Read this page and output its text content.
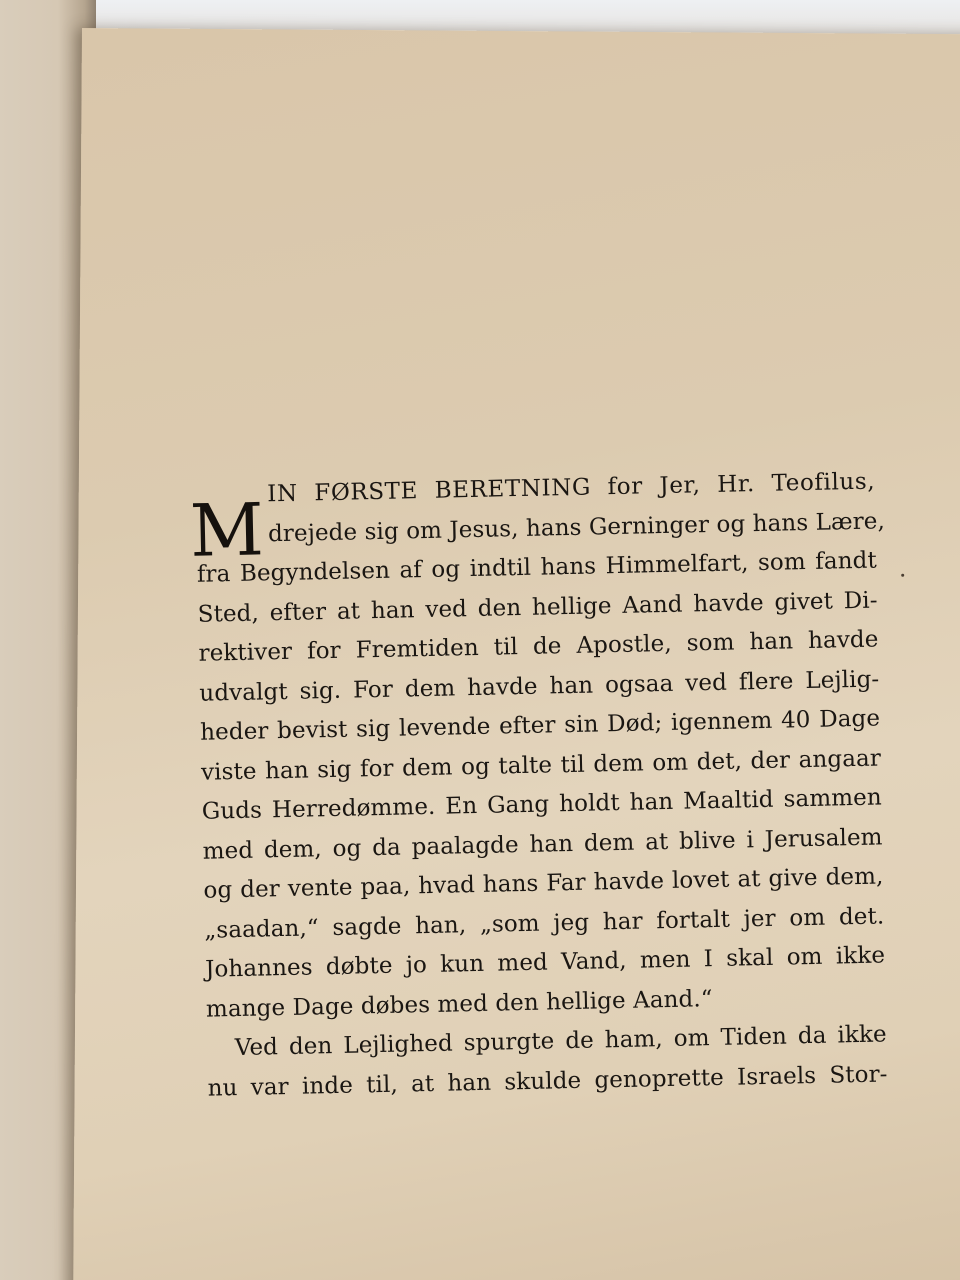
M IN FØRSTE BERETNING for Jer, Hr. Teofilus,
drejede sig om Jesus, hans Gerninger og hans Lære,
fra Begyndelsen af og indtil hans Himmelfart, som fandt
Sted, efter at han ved den hellige Aand havde givet Di-
rektiver for Fremtiden til de Apostle, som han havde
udvalgt sig. For dem havde han ogsaa ved flere Lejlig-
heder bevist sig levende efter sin Død; igennem 40 Dage
viste han sig for dem og talte til dem om det, der angaar
Guds Herredømme. En Gang holdt han Maaltid sammen
med dem, og da paalagde han dem at blive i Jerusalem
og der vente paa, hvad hans Far havde lovet at give dem,
„saadan,“ sagde han, „som jeg har fortalt jer om det.
Johannes døbte jo kun med Vand, men I skal om ikke
mange Dage døbes med den hellige Aand.“
Ved den Lejlighed spurgte de ham, om Tiden da ikke
nu var inde til, at han skulde genoprette Israels Stor-
